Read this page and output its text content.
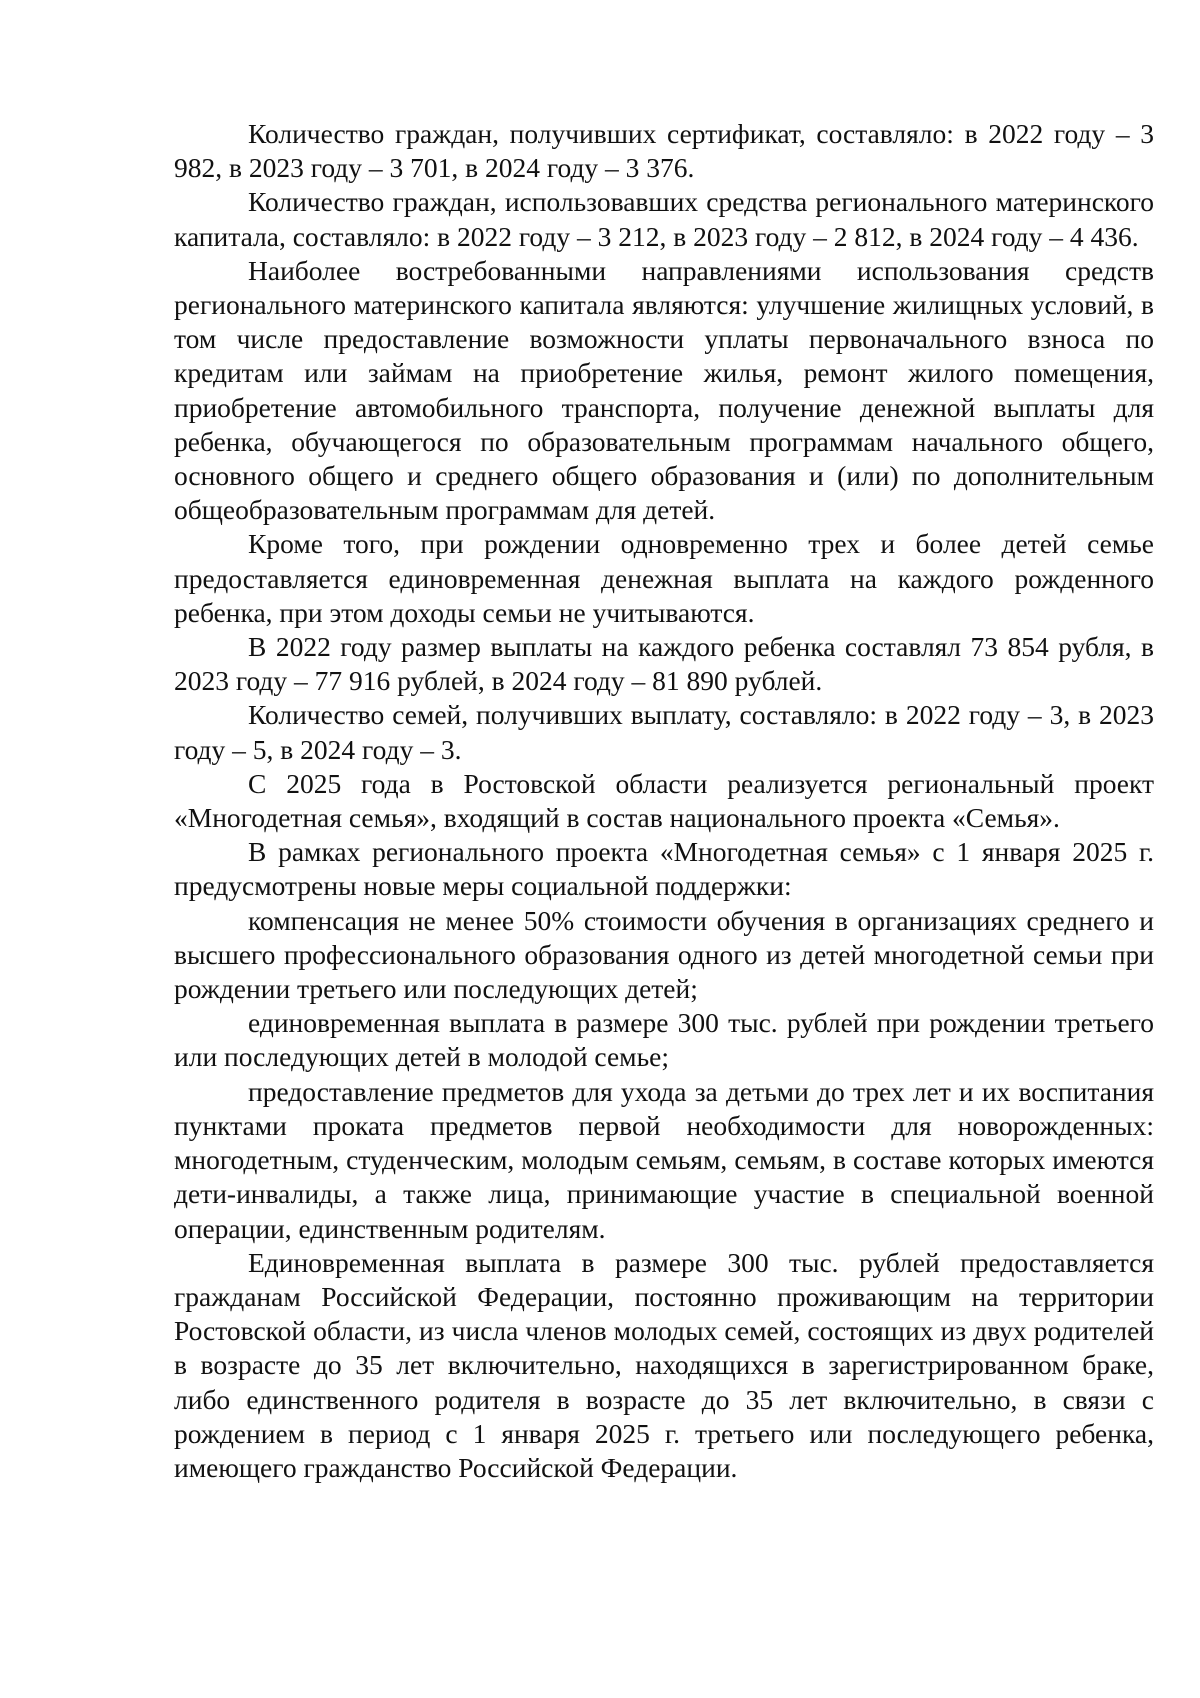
Количество граждан, получивших сертификат, составляло: в 2022 году – 3 982, в 2023 году – 3 701, в 2024 году – 3 376.

Количество граждан, использовавших средства регионального материнского капитала, составляло: в 2022 году – 3 212, в 2023 году – 2 812, в 2024 году – 4 436.

Наиболее востребованными направлениями использования средств регионального материнского капитала являются: улучшение жилищных условий, в том числе предоставление возможности уплаты первоначального взноса по кредитам или займам на приобретение жилья, ремонт жилого помещения, приобретение автомобильного транспорта, получение денежной выплаты для ребенка, обучающегося по образовательным программам начального общего, основного общего и среднего общего образования и (или) по дополнительным общеобразовательным программам для детей.

Кроме того, при рождении одновременно трех и более детей семье предоставляется единовременная денежная выплата на каждого рожденного ребенка, при этом доходы семьи не учитываются.

В 2022 году размер выплаты на каждого ребенка составлял 73 854 рубля, в 2023 году – 77 916 рублей, в 2024 году – 81 890 рублей.

Количество семей, получивших выплату, составляло: в 2022 году – 3, в 2023 году – 5, в 2024 году – 3.

С 2025 года в Ростовской области реализуется региональный проект «Многодетная семья», входящий в состав национального проекта «Семья».

В рамках регионального проекта «Многодетная семья» с 1 января 2025 г. предусмотрены новые меры социальной поддержки:

компенсация не менее 50% стоимости обучения в организациях среднего и высшего профессионального образования одного из детей многодетной семьи при рождении третьего или последующих детей;

единовременная выплата в размере 300 тыс. рублей при рождении третьего или последующих детей в молодой семье;

предоставление предметов для ухода за детьми до трех лет и их воспитания пунктами проката предметов первой необходимости для новорожденных: многодетным, студенческим, молодым семьям, семьям, в составе которых имеются дети-инвалиды, а также лица, принимающие участие в специальной военной операции, единственным родителям.

Единовременная выплата в размере 300 тыс. рублей предоставляется гражданам Российской Федерации, постоянно проживающим на территории Ростовской области, из числа членов молодых семей, состоящих из двух родителей в возрасте до 35 лет включительно, находящихся в зарегистрированном браке, либо единственного родителя в возрасте до 35 лет включительно, в связи с рождением в период с 1 января 2025 г. третьего или последующего ребенка, имеющего гражданство Российской Федерации.
